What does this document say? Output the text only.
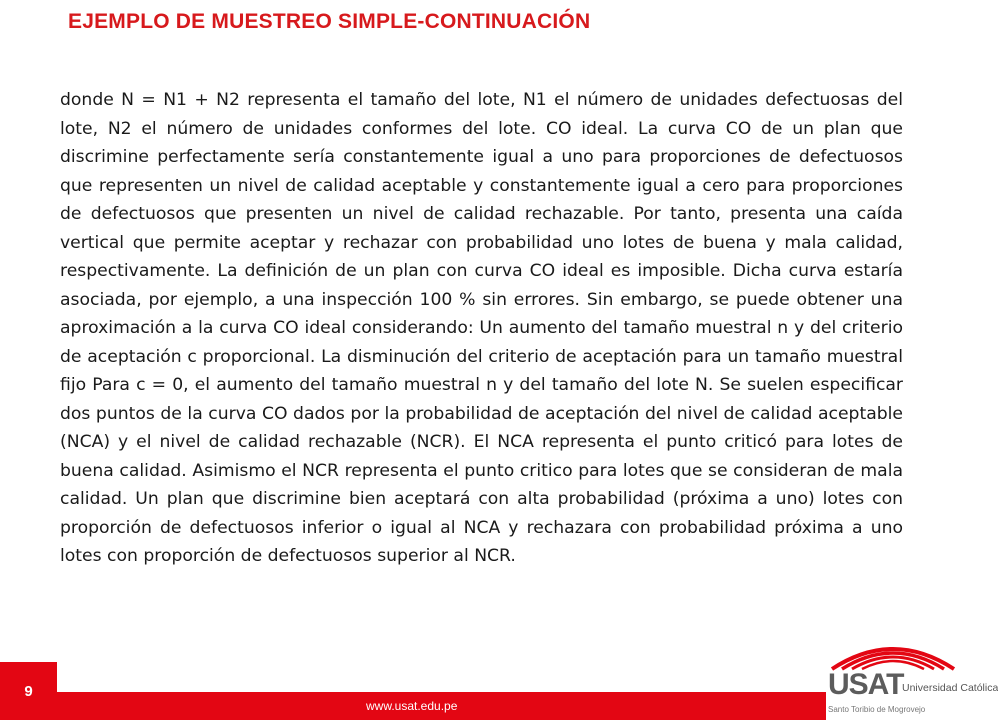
EJEMPLO DE MUESTREO SIMPLE-CONTINUACIÓN

donde N = N1 + N2 representa el tamaño del lote, N1 el número de unidades defectuosas del lote, N2 el número de unidades conformes del lote. CO ideal. La curva CO de un plan que discrimine perfectamente sería constantemente igual a uno para proporciones de defectuosos que representen un nivel de calidad aceptable y constantemente igual a cero para proporciones de defectuosos que presenten un nivel de calidad rechazable. Por tanto, presenta una caída vertical que permite aceptar y rechazar con probabilidad uno lotes de buena y mala calidad, respectivamente. La definición de un plan con curva CO ideal es imposible. Dicha curva estaría asociada, por ejemplo, a una inspección 100 % sin errores. Sin embargo, se puede obtener una aproximación a la curva CO ideal considerando: Un aumento del tamaño muestral n y del criterio de aceptación c proporcional. La disminución del criterio de aceptación para un tamaño muestral fijo Para c = 0, el aumento del tamaño muestral n y del tamaño del lote N. Se suelen especificar dos puntos de la curva CO dados por la probabilidad de aceptación del nivel de calidad aceptable (NCA) y el nivel de calidad rechazable (NCR). El NCA representa el punto criticó para lotes de buena calidad. Asimismo el NCR representa el punto critico para lotes que se consideran de mala calidad. Un plan que discrimine bien aceptará con alta probabilidad (próxima a uno) lotes con proporción de defectuosos inferior o igual al NCA y rechazara con probabilidad próxima a uno lotes con proporción de defectuosos superior al NCR.

9
www.usat.edu.pe
USAT
Universidad Católica
Santo Toribio de Mogrovejo
